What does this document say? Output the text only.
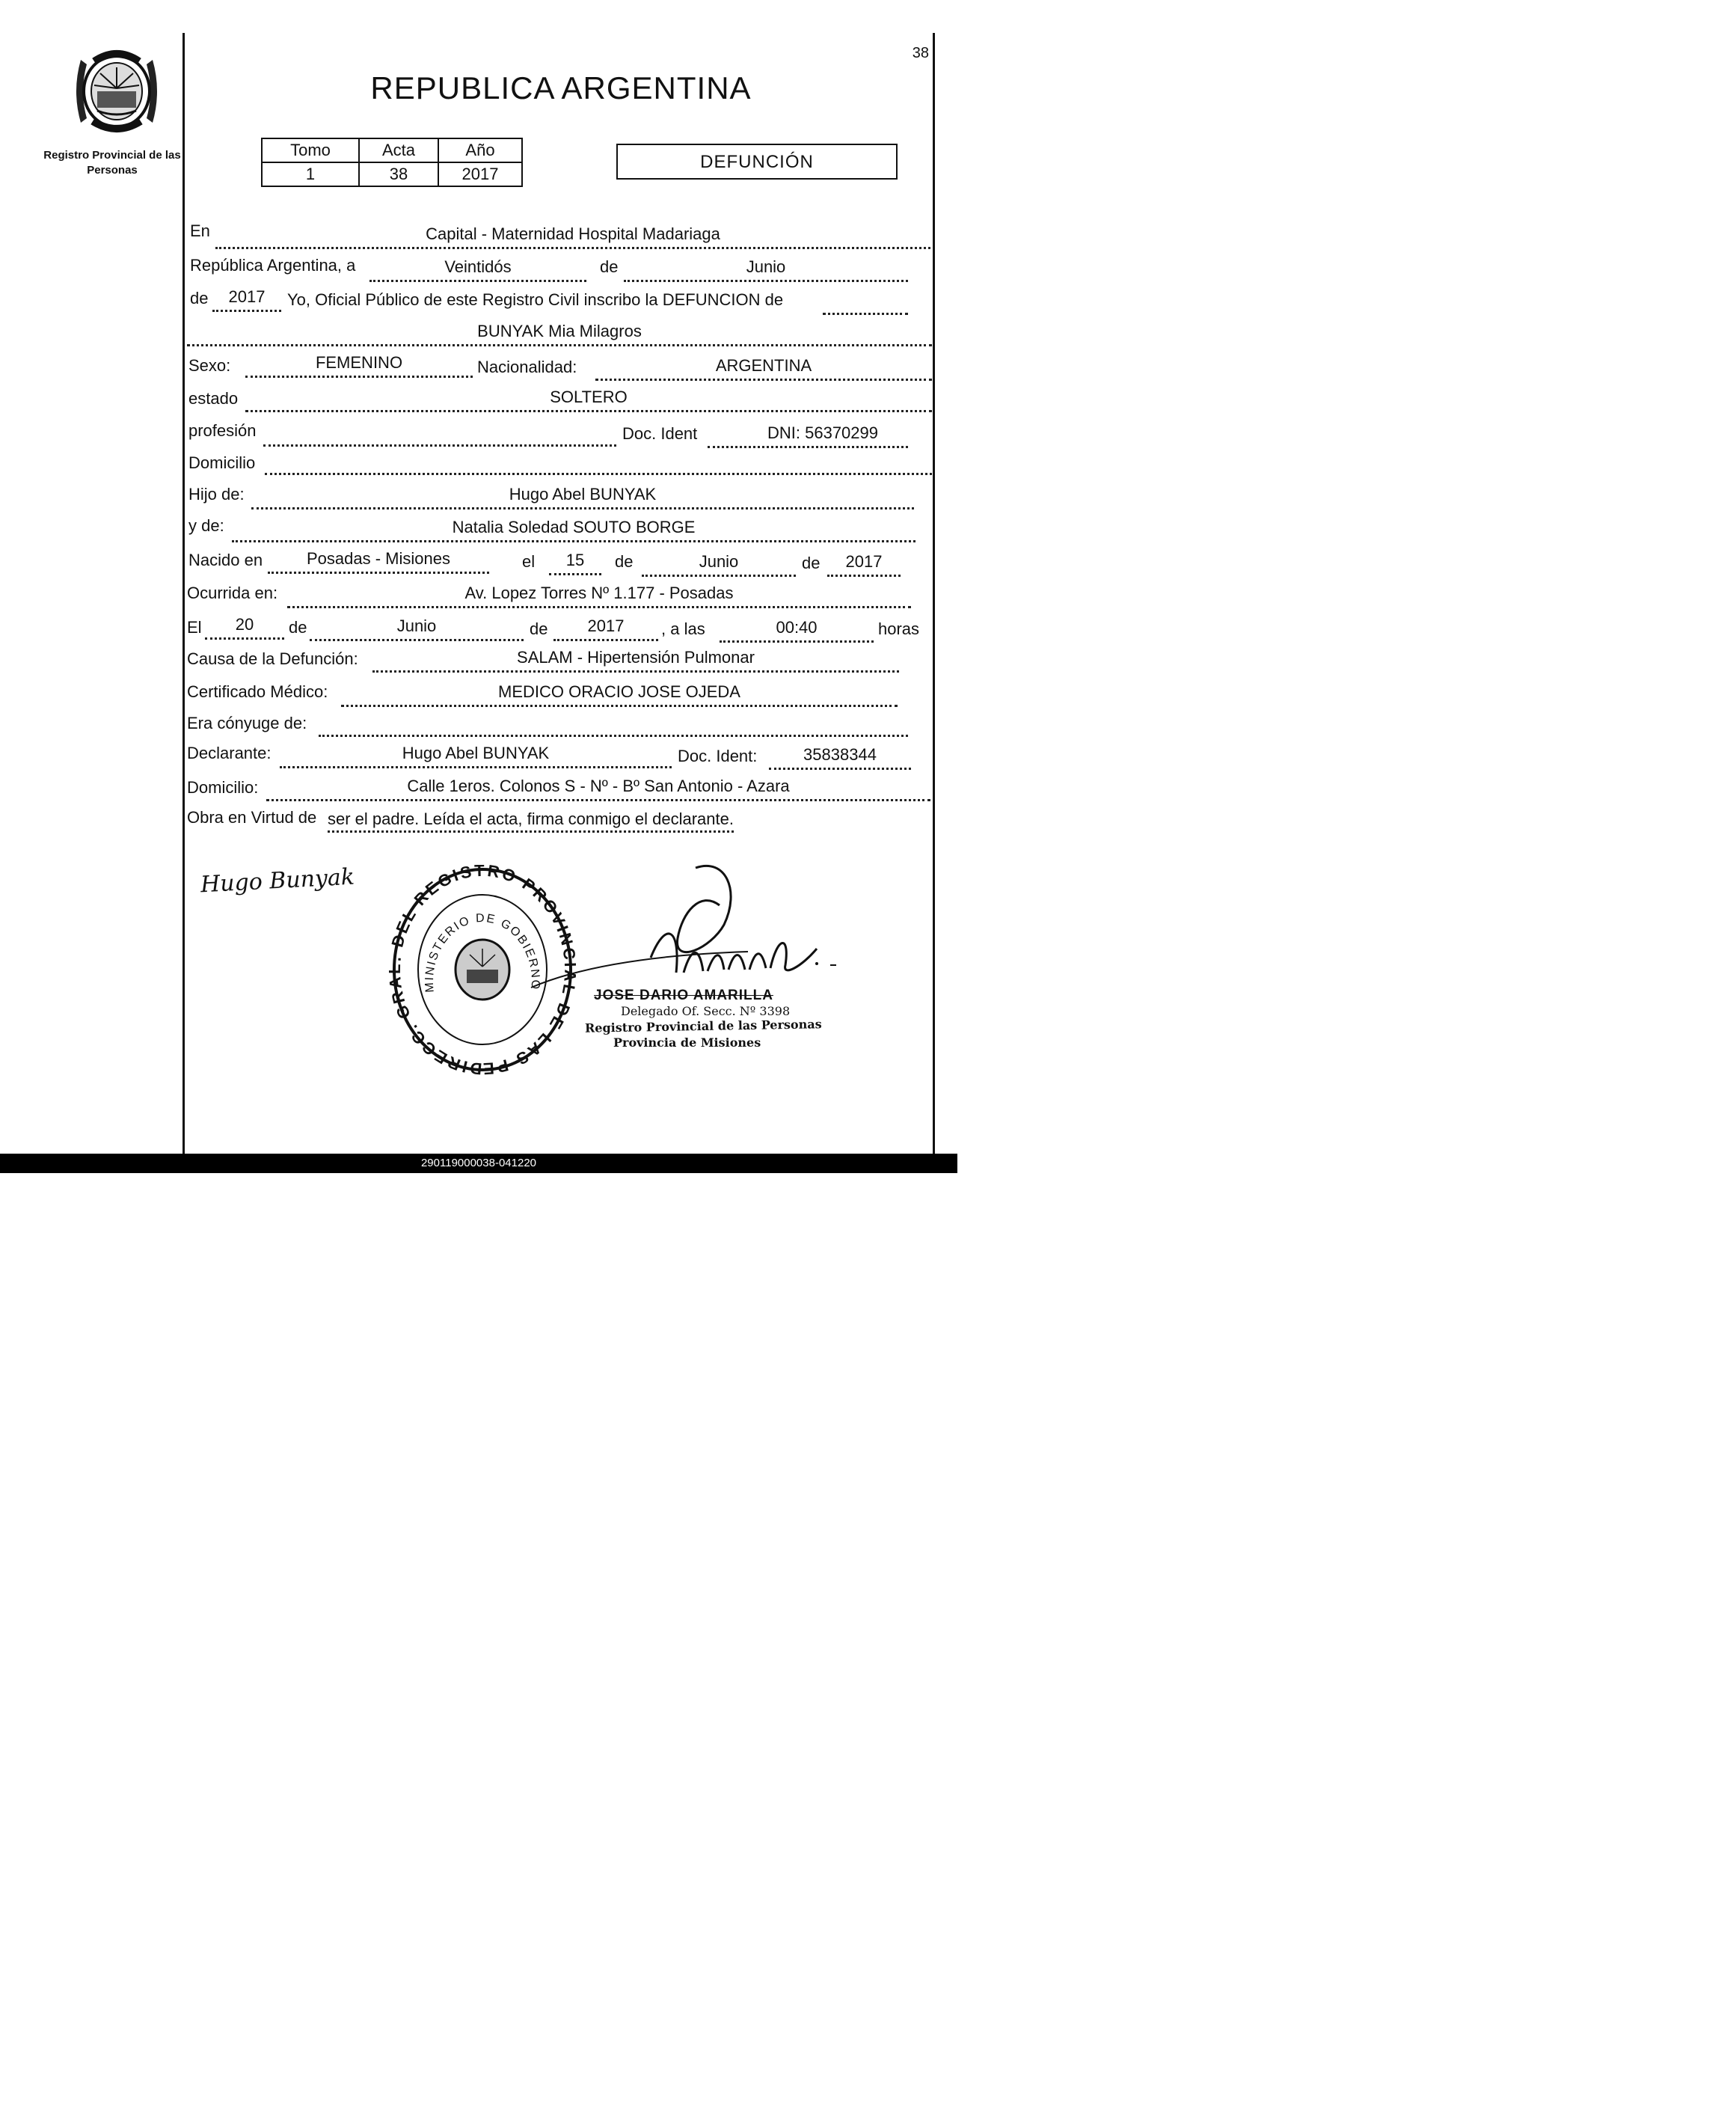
Registro Provincial de las Personas
38
REPUBLICA ARGENTINA
Tomo	Acta	Año
1	38	2017
DEFUNCIÓN
En	Capital - Maternidad Hospital Madariaga
República Argentina, a	Veintidós	de	Junio
de	2017	Yo, Oficial Público de este Registro Civil inscribo la DEFUNCION de
BUNYAK Mia Milagros
Sexo:	FEMENINO	Nacionalidad:	ARGENTINA
estado	SOLTERO
profesión	Doc. Ident	DNI: 56370299
Domicilio
Hijo de:	Hugo Abel BUNYAK
y de:	Natalia Soledad SOUTO BORGE
Nacido en	Posadas - Misiones	el	15	de	Junio	de	2017
Ocurrida en:	Av. Lopez Torres Nº 1.177 - Posadas
El	20	de	Junio	de	2017	, a las	00:40	horas
Causa de la Defunción:	SALAM - Hipertensión Pulmonar
Certificado Médico:	MEDICO ORACIO JOSE OJEDA
Era cónyuge de:
Declarante:	Hugo Abel BUNYAK	Doc. Ident:	35838344
Domicilio:	Calle 1eros. Colonos S - Nº - Bº San Antonio - Azara
Obra en Virtud de ser el padre. Leída el acta, firma conmigo el declarante.
Hugo Bunyak
DIRECC. GR DEL REGISTRO PROVIN DE LAS PE
MINISTERIO DE GOBIERNO
JOSE DARIO AMARILLA
Delegado Of. Secc. Nº 3398
Registro Provincial de las Personas
Provincia de Misiones
290119000038-041220
